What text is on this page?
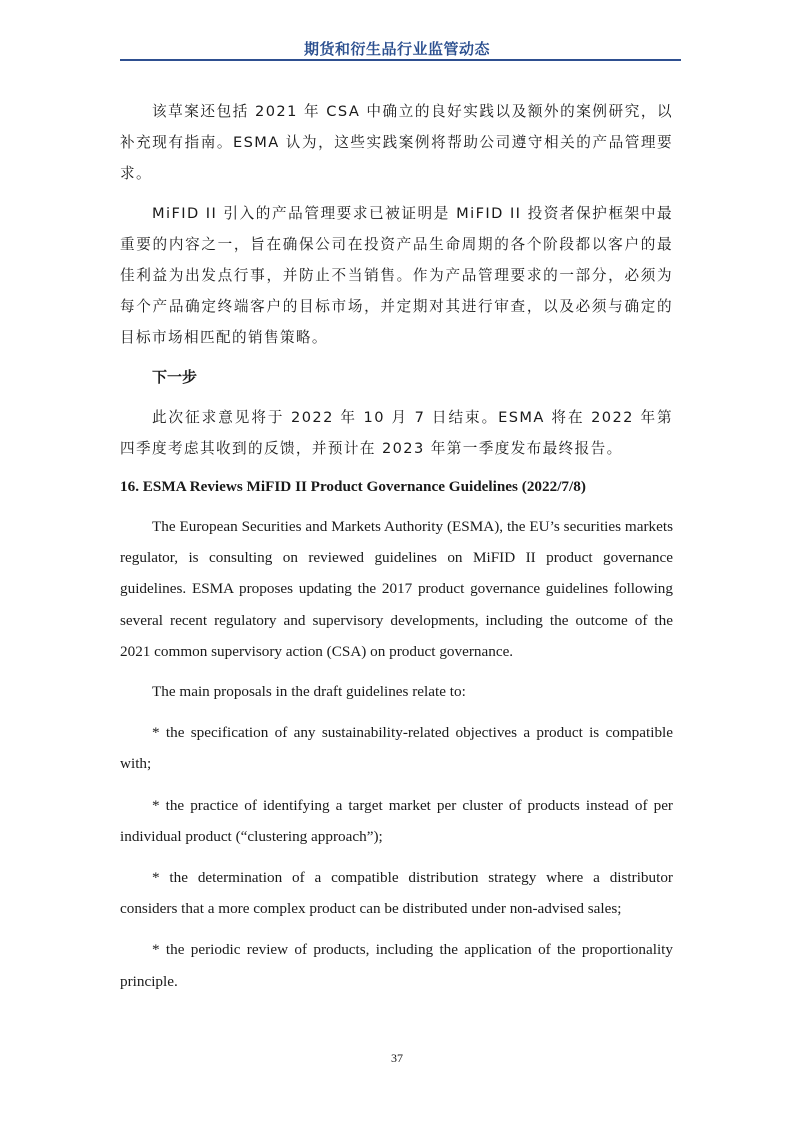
期货和衍生品行业监管动态

该草案还包括 2021 年 CSA 中确立的良好实践以及额外的案例研究，以补充现有指南。ESMA 认为，这些实践案例将帮助公司遵守相关的产品管理要求。

MiFID II 引入的产品管理要求已被证明是 MiFID II 投资者保护框架中最重要的内容之一，旨在确保公司在投资产品生命周期的各个阶段都以客户的最佳利益为出发点行事，并防止不当销售。作为产品管理要求的一部分，必须为每个产品确定终端客户的目标市场，并定期对其进行审查，以及必须与确定的目标市场相匹配的销售策略。

下一步

此次征求意见将于 2022 年 10 月 7 日结束。ESMA 将在 2022 年第四季度考虑其收到的反馈，并预计在 2023 年第一季度发布最终报告。

16. ESMA Reviews MiFID II Product Governance Guidelines (2022/7/8)

The European Securities and Markets Authority (ESMA), the EU’s securities markets regulator, is consulting on reviewed guidelines on MiFID II product governance guidelines. ESMA proposes updating the 2017 product governance guidelines following several recent regulatory and supervisory developments, including the outcome of the 2021 common supervisory action (CSA) on product governance.

The main proposals in the draft guidelines relate to:

* the specification of any sustainability-related objectives a product is compatible with;

* the practice of identifying a target market per cluster of products instead of per individual product (“clustering approach”);

* the determination of a compatible distribution strategy where a distributor considers that a more complex product can be distributed under non-advised sales;

* the periodic review of products, including the application of the proportionality principle.

37
